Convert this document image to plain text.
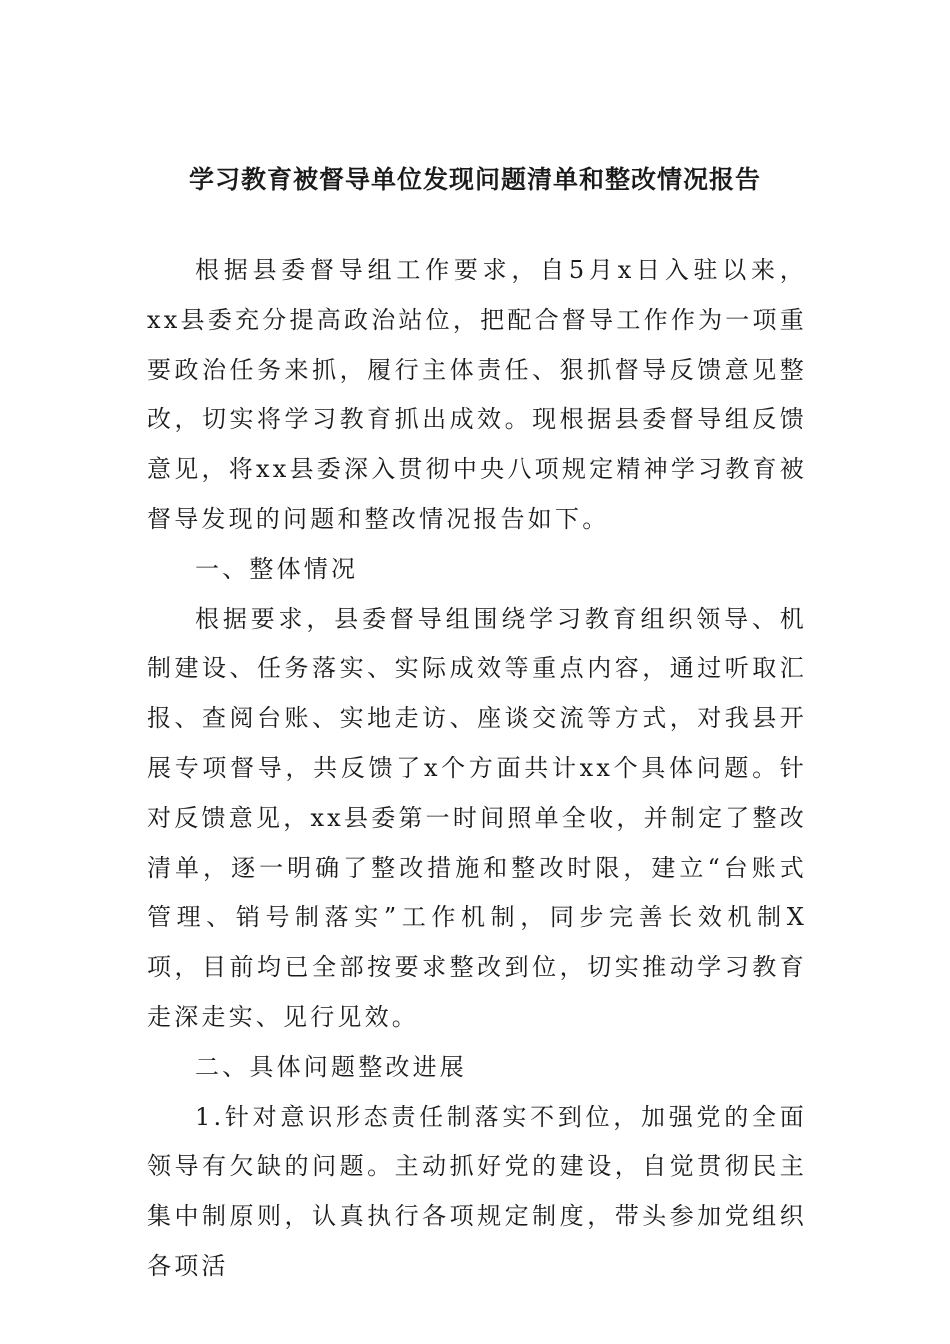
学习教育被督导单位发现问题清单和整改情况报告

根据县委督导组工作要求，自5月x日入驻以来，xx县委充分提高政治站位，把配合督导工作作为一项重要政治任务来抓，履行主体责任、狠抓督导反馈意见整改，切实将学习教育抓出成效。现根据县委督导组反馈意见，将xx县委深入贯彻中央八项规定精神学习教育被督导发现的问题和整改情况报告如下。

一、整体情况

根据要求，县委督导组围绕学习教育组织领导、机制建设、任务落实、实际成效等重点内容，通过听取汇报、查阅台账、实地走访、座谈交流等方式，对我县开展专项督导，共反馈了x个方面共计xx个具体问题。针对反馈意见，xx县委第一时间照单全收，并制定了整改清单，逐一明确了整改措施和整改时限，建立“台账式管理、销号制落实”工作机制，同步完善长效机制X项，目前均已全部按要求整改到位，切实推动学习教育走深走实、见行见效。

二、具体问题整改进展

1.针对意识形态责任制落实不到位，加强党的全面领导有欠缺的问题。主动抓好党的建设，自觉贯彻民主集中制原则，认真执行各项规定制度，带头参加党组织各项活
